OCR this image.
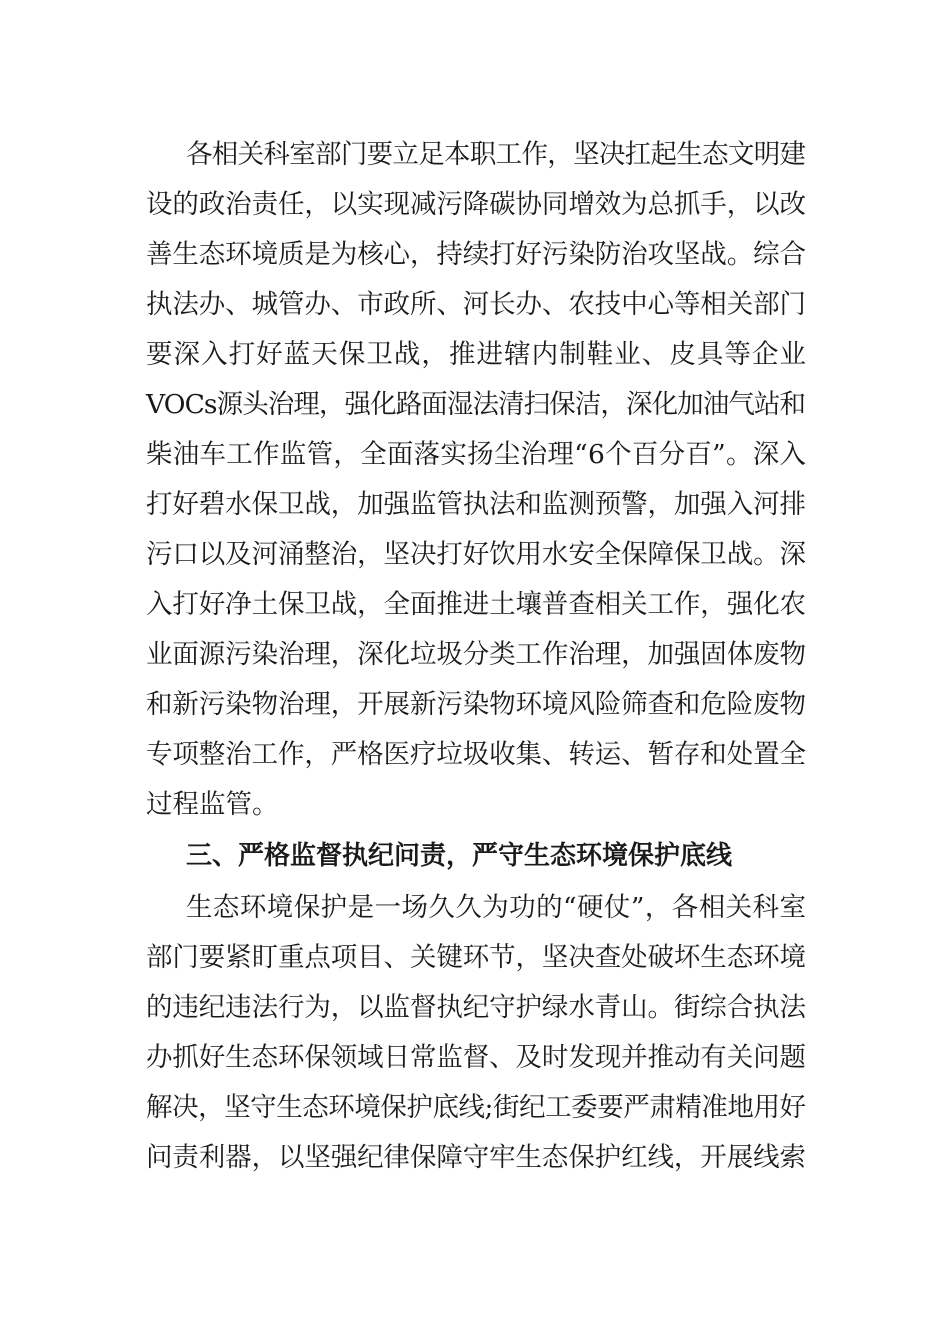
各相关科室部门要立足本职工作，坚决扛起生态文明建

设的政治责任，以实现减污降碳协同增效为总抓手，以改

善生态环境质是为核心，持续打好污染防治攻坚战。综合

执法办、城管办、市政所、河长办、农技中心等相关部门

要深入打好蓝天保卫战，推进辖内制鞋业、皮具等企业

VOCs源头治理，强化路面湿法清扫保洁，深化加油气站和

柴油车工作监管，全面落实扬尘治理“6个百分百”。深入

打好碧水保卫战，加强监管执法和监测预警，加强入河排

污口以及河涌整治，坚决打好饮用水安全保障保卫战。深

入打好净土保卫战，全面推进土壤普查相关工作，强化农

业面源污染治理，深化垃圾分类工作治理，加强固体废物

和新污染物治理，开展新污染物环境风险筛查和危险废物

专项整治工作，严格医疗垃圾收集、转运、暂存和处置全

过程监管。

三、严格监督执纪问责，严守生态环境保护底线

生态环境保护是一场久久为功的“硬仗”，各相关科室

部门要紧盯重点项目、关键环节，坚决查处破坏生态环境

的违纪违法行为，以监督执纪守护绿水青山。街综合执法

办抓好生态环保领域日常监督、及时发现并推动有关问题

解决，坚守生态环境保护底线;街纪工委要严肃精准地用好

问责利器，以坚强纪律保障守牢生态保护红线，开展线索
